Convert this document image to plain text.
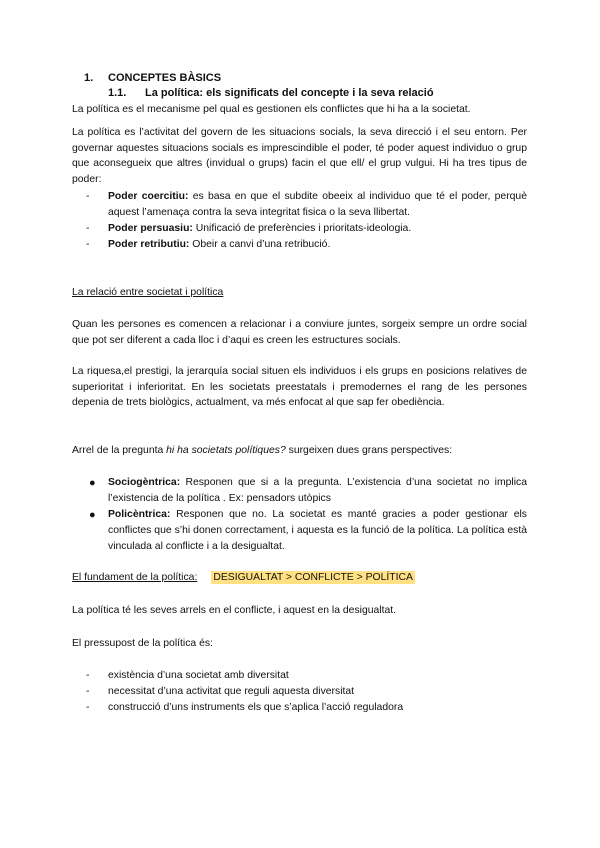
1. CONCEPTES BÀSICS
1.1. La política: els significats del concepte i la seva relació
La política es el mecanisme pel qual es gestionen els conflictes que hi ha a la societat.
La política es l’activitat del govern de les situacions socials, la seva direcció i el seu entorn. Per governar aquestes situacions socials es imprescindible el poder, té poder aquest individuo o grup que aconsegueix que altres (invidual o grups) facin el que ell/ el grup vulgui. Hi ha tres tipus de poder:
- Poder coercitiu: es basa en que el subdite obeeix al individuo que té el poder, perquè aquest l’amenaça contra la seva integritat fisica o la seva llibertat.
- Poder persuasiu: Unificació de preferències i prioritats-ideologia.
- Poder retributiu: Obeir a canvi d’una retribució.
La relació entre societat i política
Quan les persones es comencen a relacionar i a conviure juntes, sorgeix sempre un ordre social que pot ser diferent a cada lloc i d’aqui es creen les estructures socials.
La riquesa,el prestigi, la jerarquía social situen els individuos i els grups en posicions relatives de superioritat i inferioritat. En les societats preestatals i premodernes el rang de les persones depenia de trets biològics, actualment, va més enfocat al que sap fer obediència.
Arrel de la pregunta hi ha societats polítiques? surgeixen dues grans perspectives:
● Sociogèntrica: Responen que si a la pregunta. L’existencia d’una societat no implica l’existencia de la política . Ex: pensadors utòpics
● Policèntrica: Responen que no. La societat es manté gracies a poder gestionar els conflictes que s’hi donen correctament, i aquesta es la funció de la política. La política està vinculada al conflicte i a la desigualtat.
El fundament de la política: DESIGUALTAT > CONFLICTE > POLÍTICA
La política té les seves arrels en el conflicte, i aquest en la desigualtat.
El pressupost de la política és:
- existència d’una societat amb diversitat
- necessitat d’una activitat que reguli aquesta diversitat
- construcció d’uns instruments els que s’aplica l’acció reguladora
